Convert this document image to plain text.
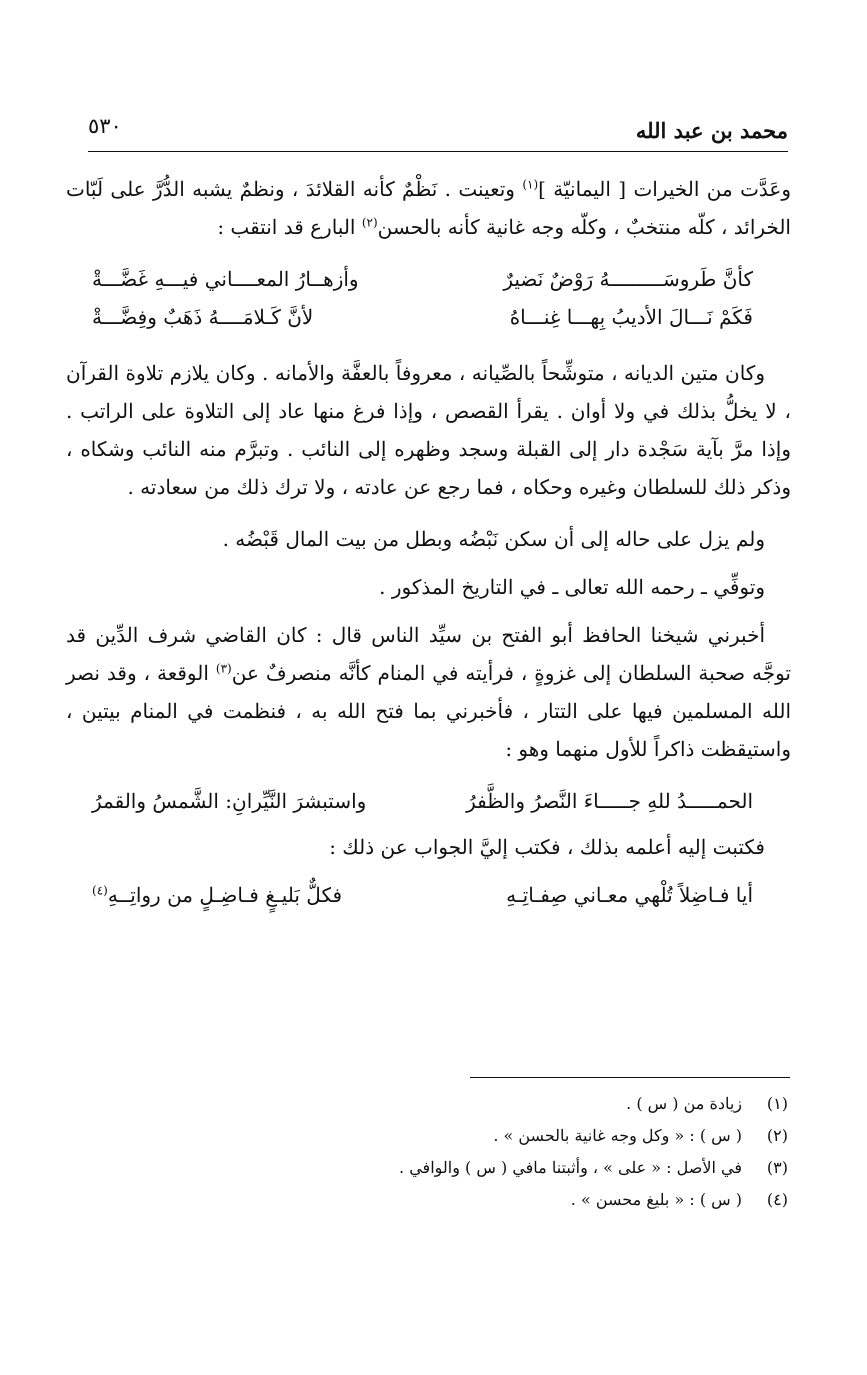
محمد بن عبد الله
٥٣٠

وعَدَّت من الخيرات [ اليمانيّة ]$^{(١)}$ وتعينت . نَظْمٌ كأنه القلائدَ ، ونظمٌ يشبه الدُّرَّ على لَبّات الخرائد ، كلّه منتخبٌ ، وكلّه وجه غانية كأنه بالحسن$^{(٢)}$ البارع قد انتقب :

كأنَّ طَروسَـــــــــهُ رَوْضٌ نَضيرٌ
وأزهــارُ المعــــاني فيـــهِ غَضَّـــةْ
فَكَمْ نَـــالَ الأديبُ بِهـــا غِنـــاهُ
لأنَّ كَـلامَــــهُ ذَهَبٌ وفِضَّـــةْ

وكان متين الديانه ، متوشِّحاً بالصِّيانه ، معروفاً بالعفَّة والأمانه . وكان يلازم تلاوة القرآن ، لا يخلُّ بذلك في ولا أوان . يقرأ القصص ، وإذا فرغ منها عاد إلى التلاوة على الراتب . وإذا مرَّ بآية سَجْدة دار إلى القبلة وسجد وظهره إلى النائب . وتبرَّم منه النائب وشكاه ، وذكر ذلك للسلطان وغيره وحكاه ، فما رجع عن عادته ، ولا ترك ذلك من سعادته .

ولم يزل على حاله إلى أن سكن نَبْضُه وبطل من بيت المال قَبْضُه .

وتوفِّي ـ رحمه الله تعالى ـ في التاريخ المذكور .

أخبرني شيخنا الحافظ أبو الفتح بن سيِّد الناس قال : كان القاضي شرف الدِّين قد توجَّه صحبة السلطان إلى غزوةٍ ، فرأيته في المنام كأنَّه منصرفٌ عن$^{(٣)}$ الوقعة ، وقد نصر الله المسلمين فيها على التتار ، فأخبرني بما فتح الله به ، فنظمت في المنام بيتين ، واستيقظت ذاكراً للأول منهما وهو :

الحمـــــدُ للهِ جـــــاءَ النَّصرُ والظَّفرُ
واستبشرَ النَّيِّرانِ: الشَّمسُ والقمرُ

فكتبت إليه أعلمه بذلك ، فكتب إليَّ الجواب عن ذلك :

أيا فـاضِلاً تُلْهي معـاني صِفـاتِـهِ
فكلٌّ بَليـغٍ فـاضِـلٍ من رواتِــهِ$^{(٤)}$
(١)
زيادة من ( س ) .
(٢)
( س ) : « وكل وجه غانية بالحسن » .
(٣)
في الأصل : « على » ، وأثبتنا مافي ( س ) والوافي .
(٤)
( س ) : « بليغ محسن » .
